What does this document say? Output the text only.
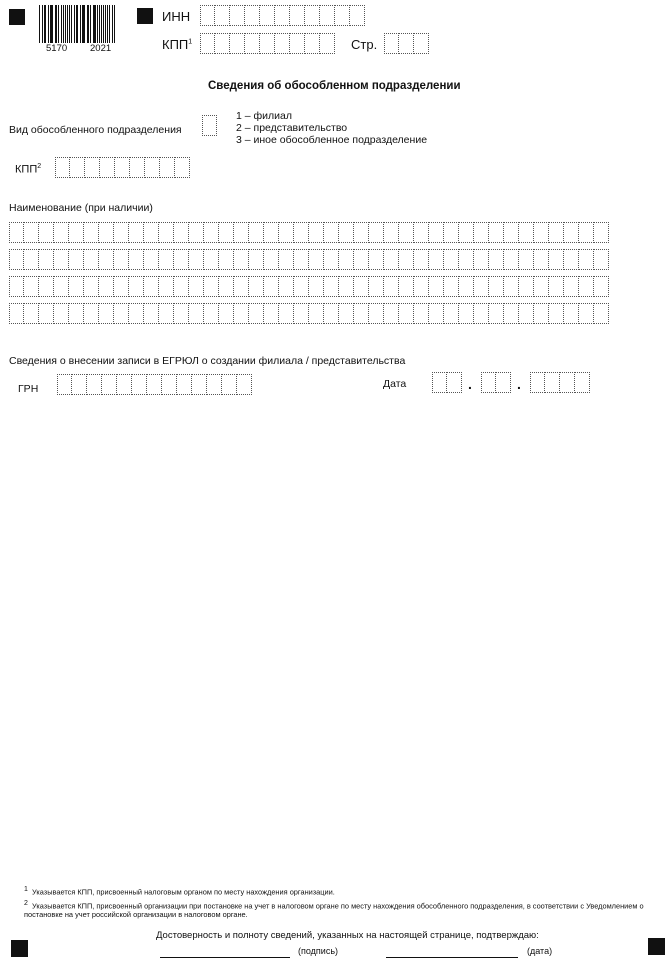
5170 2021
ИНН
КПП$^1$	Стр.
Сведения об обособленном подразделении
Вид обособленного подразделения
1 – филиал
2 – представительство
3 – иное обособленное подразделение
КПП$^2$
Наименование (при наличии)
Сведения о внесении записи в ЕГРЮЛ о создании филиала / представительства
ГРН	Дата	.	.
1 Указывается КПП, присвоенный налоговым органом по месту нахождения организации.
2 Указывается КПП, присвоенный организации при постановке на учет в налоговом органе по месту нахождения обособленного подразделения, в соответствии с Уведомлением о постановке на учет российской организации в налоговом органе.
Достоверность и полноту сведений, указанных на настоящей странице, подтверждаю:
(подпись)	(дата)
